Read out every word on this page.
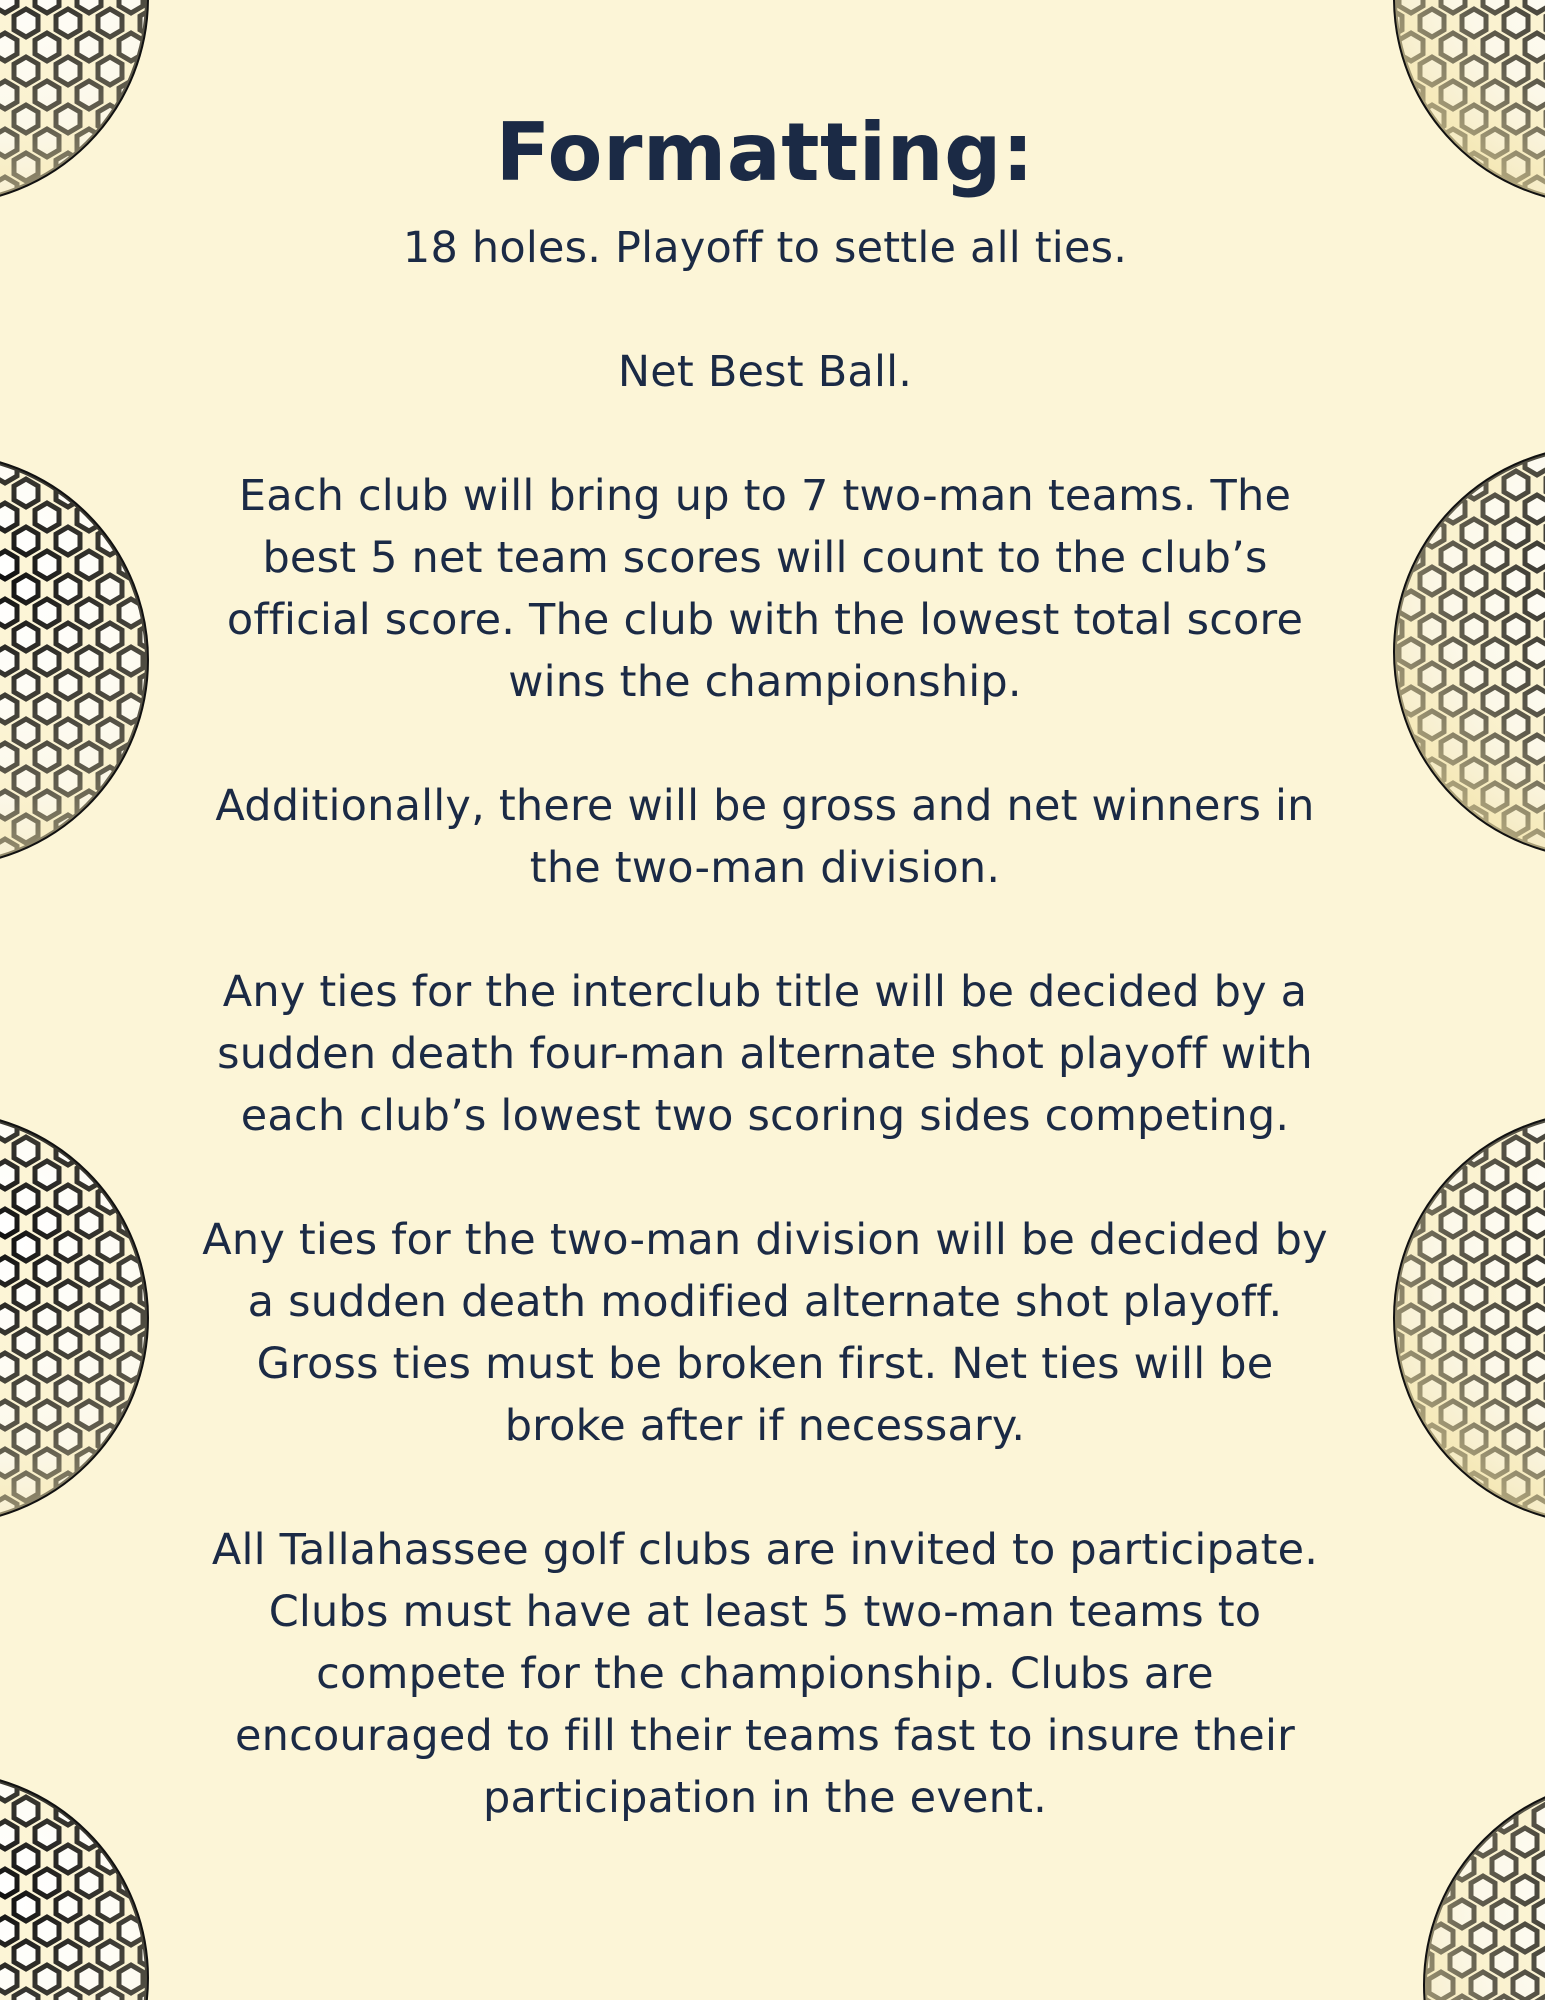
Formatting:

18 holes. Playoff to settle all ties.

Net Best Ball.

Each club will bring up to 7 two-man teams. The best 5 net team scores will count to the club’s official score. The club with the lowest total score wins the championship.

Additionally, there will be gross and net winners in the two-man division.

Any ties for the interclub title will be decided by a sudden death four-man alternate shot playoff with each club’s lowest two scoring sides competing.

Any ties for the two-man division will be decided by a sudden death modified alternate shot playoff. Gross ties must be broken first. Net ties will be broke after if necessary.

All Tallahassee golf clubs are invited to participate. Clubs must have at least 5 two-man teams to compete for the championship. Clubs are encouraged to fill their teams fast to insure their participation in the event.
